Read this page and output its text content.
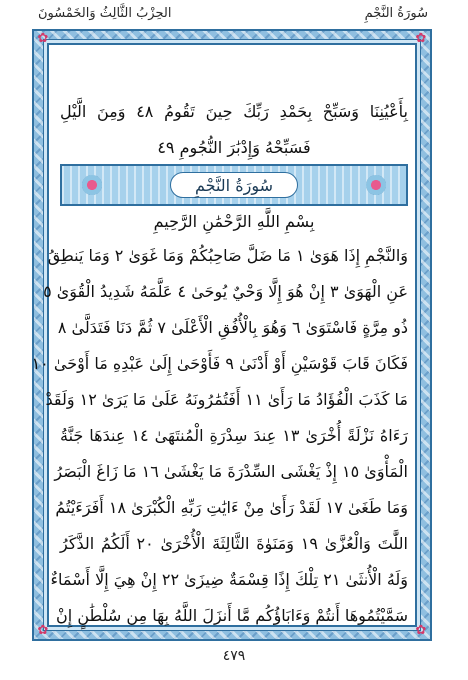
الحِزْبُ الثَّالِثُ وَالخَمْسُونَ	سُورَةُ النَّجْمِ
✿	✿
✿	✿
بِأَعْيُنِنَا وَسَبِّحْ بِحَمْدِ رَبِّكَ حِينَ تَقُومُ ٤٨ وَمِنَ الَّيْلِ
فَسَبِّحْهُ وَإِدْبَٰرَ النُّجُومِ ٤٩
سُورَةُ النَّجْمِ
بِسْمِ اللَّهِ الرَّحْمَٰنِ الرَّحِيمِ
وَالنَّجْمِ إِذَا هَوَىٰ ١ مَا ضَلَّ صَاحِبُكُمْ وَمَا غَوَىٰ ٢ وَمَا يَنطِقُ
عَنِ الْهَوَىٰ ٣ إِنْ هُوَ إِلَّا وَحْيٌ يُوحَىٰ ٤ عَلَّمَهُ شَدِيدُ الْقُوَىٰ ٥
ذُو مِرَّةٍ فَاسْتَوَىٰ ٦ وَهُوَ بِالْأُفُقِ الْأَعْلَىٰ ٧ ثُمَّ دَنَا فَتَدَلَّىٰ ٨
فَكَانَ قَابَ قَوْسَيْنِ أَوْ أَدْنَىٰ ٩ فَأَوْحَىٰ إِلَىٰ عَبْدِهِ مَا أَوْحَىٰ ١٠
مَا كَذَبَ الْفُؤَادُ مَا رَأَىٰ ١١ أَفَتُمَٰرُونَهُ عَلَىٰ مَا يَرَىٰ ١٢ وَلَقَدْ
رَءَاهُ نَزْلَةً أُخْرَىٰ ١٣ عِندَ سِدْرَةِ الْمُنتَهَىٰ ١٤ عِندَهَا جَنَّةُ
الْمَأْوَىٰ ١٥ إِذْ يَغْشَى السِّدْرَةَ مَا يَغْشَىٰ ١٦ مَا زَاغَ الْبَصَرُ
وَمَا طَغَىٰ ١٧ لَقَدْ رَأَىٰ مِنْ ءَايَٰتِ رَبِّهِ الْكُبْرَىٰ ١٨ أَفَرَءَيْتُمُ
اللَّٰتَ وَالْعُزَّىٰ ١٩ وَمَنَوٰةَ الثَّالِثَةَ الْأُخْرَىٰ ٢٠ أَلَكُمُ الذَّكَرُ
وَلَهُ الْأُنثَىٰ ٢١ تِلْكَ إِذًا قِسْمَةٌ ضِيزَىٰ ٢٢ إِنْ هِيَ إِلَّا أَسْمَاءٌ
سَمَّيْتُمُوهَا أَنتُمْ وَءَابَاؤُكُم مَّا أَنزَلَ اللَّهُ بِهَا مِن سُلْطَٰنٍ إِنْ
٤٧٩
